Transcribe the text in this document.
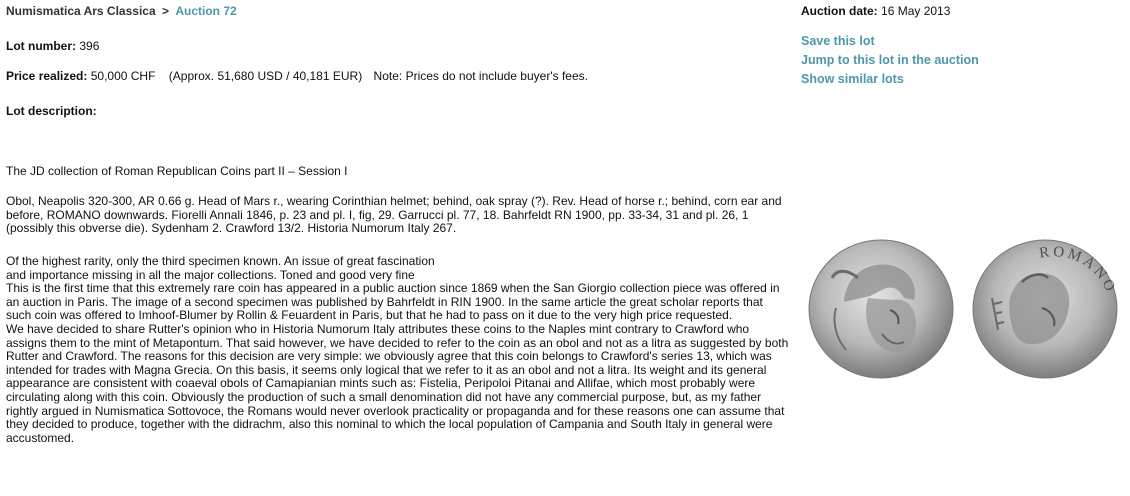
Numismatica Ars Classica > Auction 72	Auction date: 16 May 2013
Save this lot
Jump to this lot in the auction
Show similar lots
Lot number: 396
Price realized: 50,000 CHF (Approx. 51,680 USD / 40,181 EUR) Note: Prices do not include buyer's fees.
Lot description:

The JD collection of Roman Republican Coins part II – Session I

Obol, Neapolis 320-300, AR 0.66 g. Head of Mars r., wearing Corinthian helmet; behind, oak spray (?). Rev. Head of horse r.; behind, corn ear and before, ROMANO downwards. Fiorelli Annali 1846, p. 23 and pl. I, fig, 29. Garrucci pl. 77, 18. Bahrfeldt RN 1900, pp. 33-34, 31 and pl. 26, 1 (possibly this obverse die). Sydenham 2. Crawford 13/2. Historia Numorum Italy 267.

Of the highest rarity, only the third specimen known. An issue of great fascination

and importance missing in all the major collections. Toned and good very fine

This is the first time that this extremely rare coin has appeared in a public auction since 1869 when the San Giorgio collection piece was offered in an auction in Paris. The image of a second specimen was published by Bahrfeldt in RIN 1900. In the same article the great scholar reports that such coin was offered to Imhoof-Blumer by Rollin & Feuardent in Paris, but that he had to pass on it due to the very high price requested.

We have decided to share Rutter's opinion who in Historia Numorum Italy attributes these coins to the Naples mint contrary to Crawford who assigns them to the mint of Metapontum. That said however, we have decided to refer to the coin as an obol and not as a litra as suggested by both Rutter and Crawford. The reasons for this decision are very simple: we obviously agree that this coin belongs to Crawford's series 13, which was intended for trades with Magna Grecia. On this basis, it seems only logical that we refer to it as an obol and not a litra. Its weight and its general appearance are consistent with coaeval obols of Camapianian mints such as: Fistelia, Peripoloi Pitanai and Allifae, which most probably were circulating along with this coin. Obviously the production of such a small denomination did not have any commercial purpose, but, as my father rightly argued in Numismatica Sottovoce, the Romans would never overlook practicality or propaganda and for these reasons one can assume that they decided to produce, together with the didrachm, also this nominal to which the local population of Campania and South Italy in general were accustomed.

ROMANO
